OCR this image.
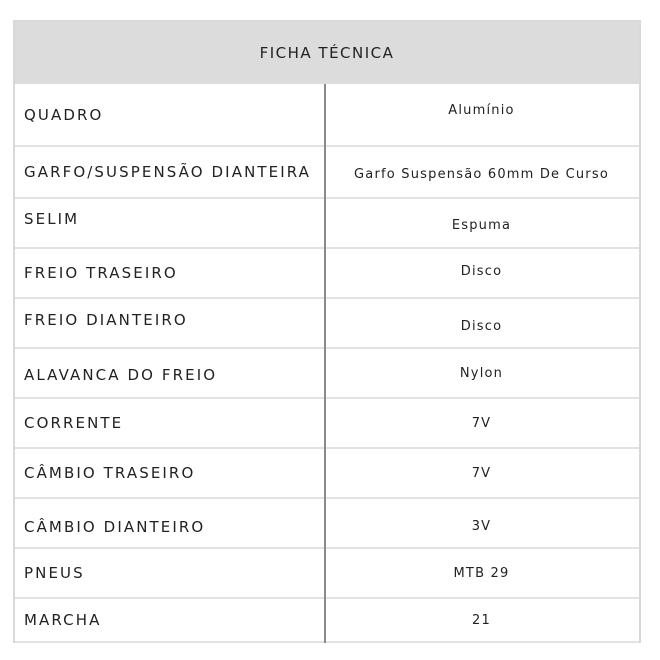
FICHA TÉCNICA
QUADRO	Alumínio
GARFO/SUSPENSÃO DIANTEIRA	Garfo Suspensão 60mm De Curso
SELIM	Espuma
FREIO TRASEIRO	Disco
FREIO DIANTEIRO	Disco
ALAVANCA DO FREIO	Nylon
CORRENTE	7V
CÂMBIO TRASEIRO	7V
CÂMBIO DIANTEIRO	3V
PNEUS	MTB 29
MARCHA	21
